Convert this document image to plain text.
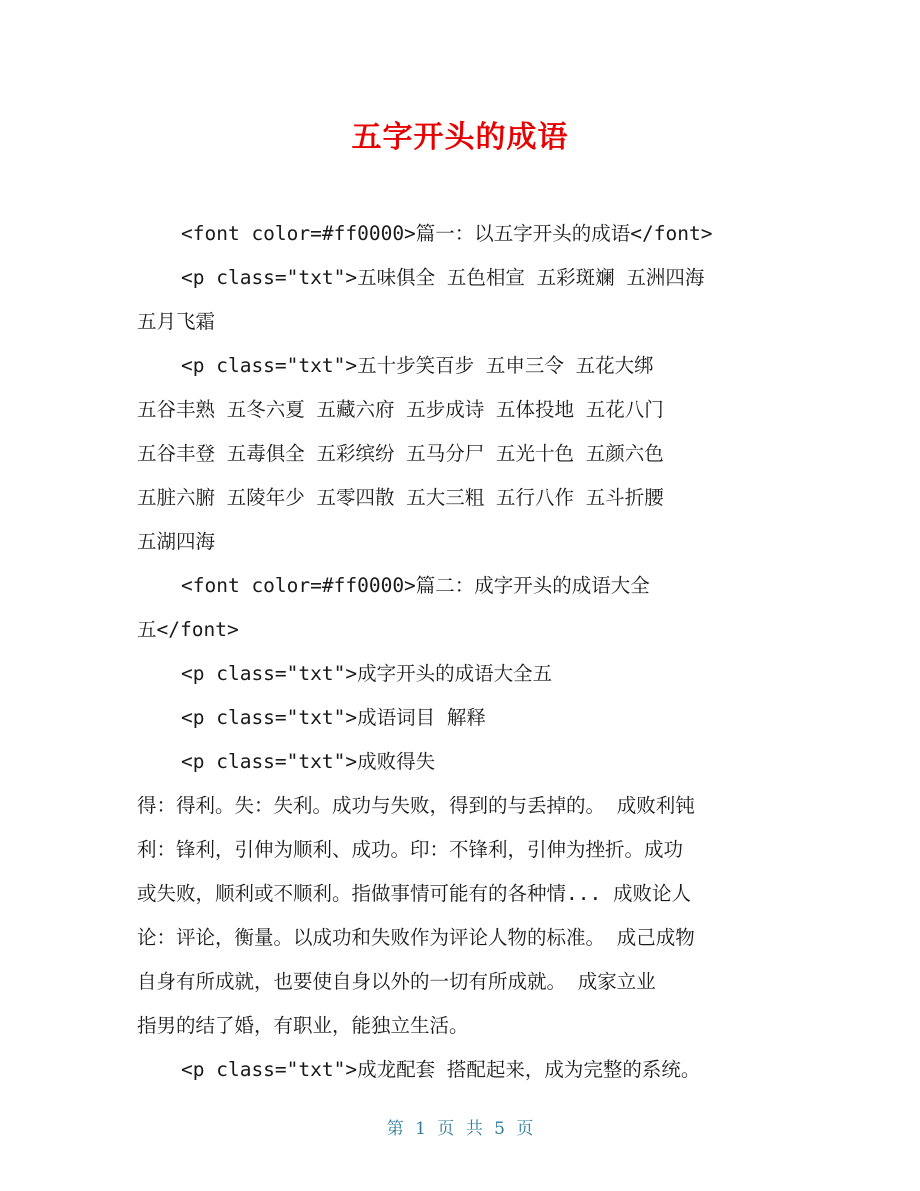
五字开头的成语
<font color=#ff0000>篇一：以五字开头的成语</font>
<p class="txt">五味俱全 五色相宣 五彩斑斓 五洲四海
五月飞霜
<p class="txt">五十步笑百步 五申三令 五花大绑
五谷丰熟 五冬六夏 五藏六府 五步成诗 五体投地 五花八门
五谷丰登 五毒俱全 五彩缤纷 五马分尸 五光十色 五颜六色
五脏六腑 五陵年少 五零四散 五大三粗 五行八作 五斗折腰
五湖四海
<font color=#ff0000>篇二：成字开头的成语大全
五</font>
<p class="txt">成字开头的成语大全五
<p class="txt">成语词目 解释
<p class="txt">成败得失
得：得利。失：失利。成功与失败，得到的与丢掉的。 成败利钝
利：锋利，引伸为顺利、成功。印：不锋利，引伸为挫折。成功
或失败，顺利或不顺利。指做事情可能有的各种情... 成败论人
论：评论，衡量。以成功和失败作为评论人物的标准。 成己成物
自身有所成就，也要使自身以外的一切有所成就。 成家立业
指男的结了婚，有职业，能独立生活。
<p class="txt">成龙配套 搭配起来，成为完整的系统。
第 1 页 共 5 页
